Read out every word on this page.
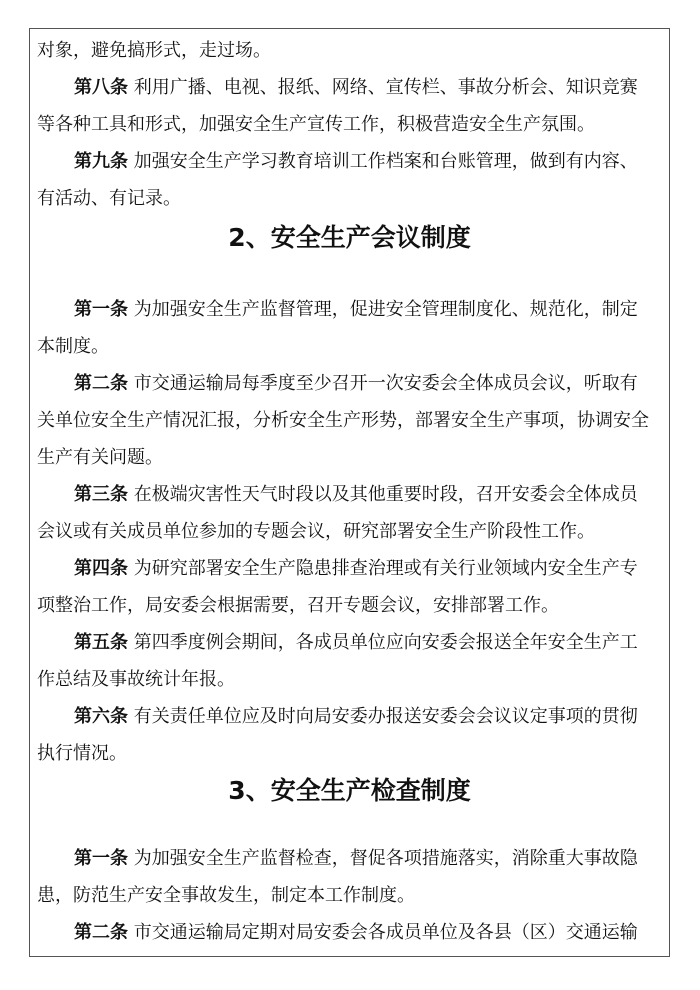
对象，避免搞形式，走过场。
第八条 利用广播、电视、报纸、网络、宣传栏、事故分析会、知识竞赛
等各种工具和形式，加强安全生产宣传工作，积极营造安全生产氛围。
第九条 加强安全生产学习教育培训工作档案和台账管理，做到有内容、
有活动、有记录。
2、安全生产会议制度
第一条 为加强安全生产监督管理，促进安全管理制度化、规范化，制定
本制度。
第二条 市交通运输局每季度至少召开一次安委会全体成员会议，听取有
关单位安全生产情况汇报，分析安全生产形势，部署安全生产事项，协调安全
生产有关问题。
第三条 在极端灾害性天气时段以及其他重要时段，召开安委会全体成员
会议或有关成员单位参加的专题会议，研究部署安全生产阶段性工作。
第四条 为研究部署安全生产隐患排查治理或有关行业领域内安全生产专
项整治工作，局安委会根据需要，召开专题会议，安排部署工作。
第五条 第四季度例会期间，各成员单位应向安委会报送全年安全生产工
作总结及事故统计年报。
第六条 有关责任单位应及时向局安委办报送安委会会议议定事项的贯彻
执行情况。
3、安全生产检查制度
第一条 为加强安全生产监督检查，督促各项措施落实，消除重大事故隐
患，防范生产安全事故发生，制定本工作制度。
第二条 市交通运输局定期对局安委会各成员单位及各县（区）交通运输
